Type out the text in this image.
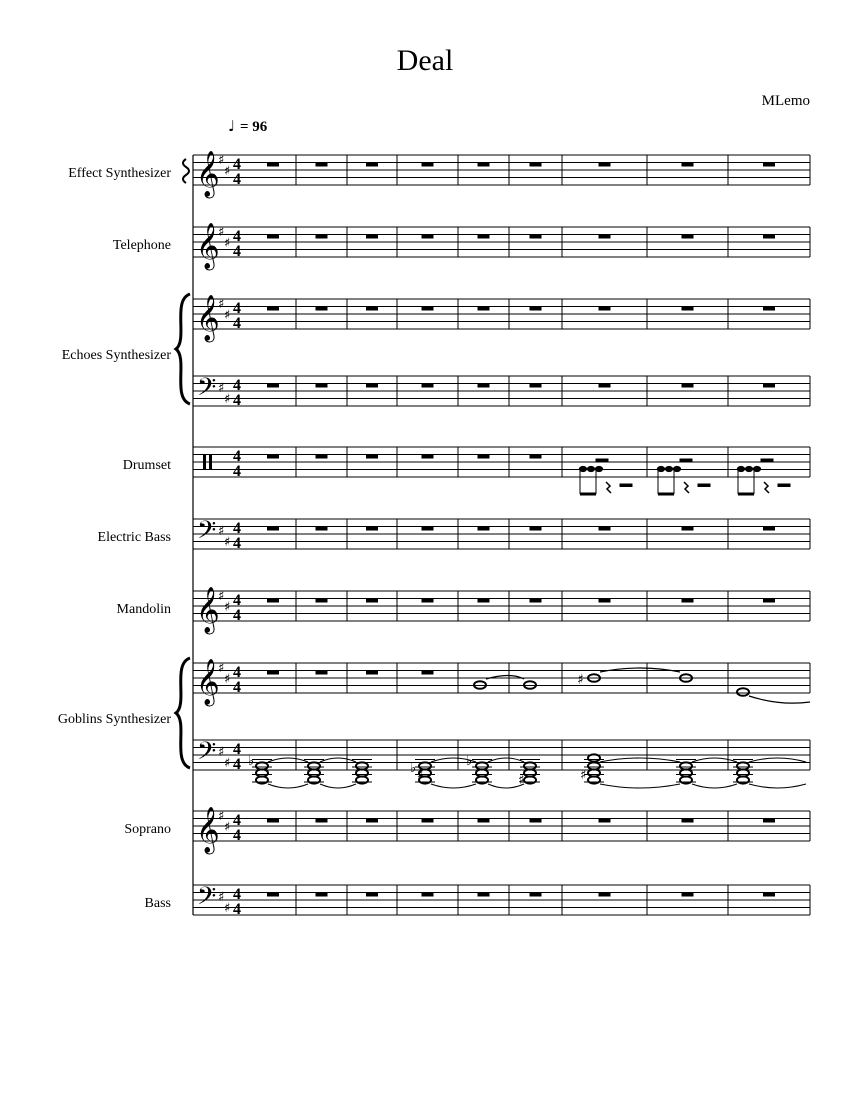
Deal
MLemo
♩ = 96
Effect Synthesizer
Telephone
Echoes Synthesizer
Drumset
Electric Bass
Mandolin
Goblins Synthesizer
Soprano
Bass
𝄞
♯
♯ 4
4
𝄞
♯
♯ 4
4
𝄞
♯
♯ 4
4
𝄢 ♯
♯
4
4
4
4
𝄢 ♯
♯
4
4
𝄞
♯
♯ 4
4
𝄞
♯
♯ 4
4
𝄢 ♯
♯
4
4
𝄞
♯
♯ 4
4
𝄢 ♯
♯
4
4
♯
♭	♭ ♯
♭
♯	♯
